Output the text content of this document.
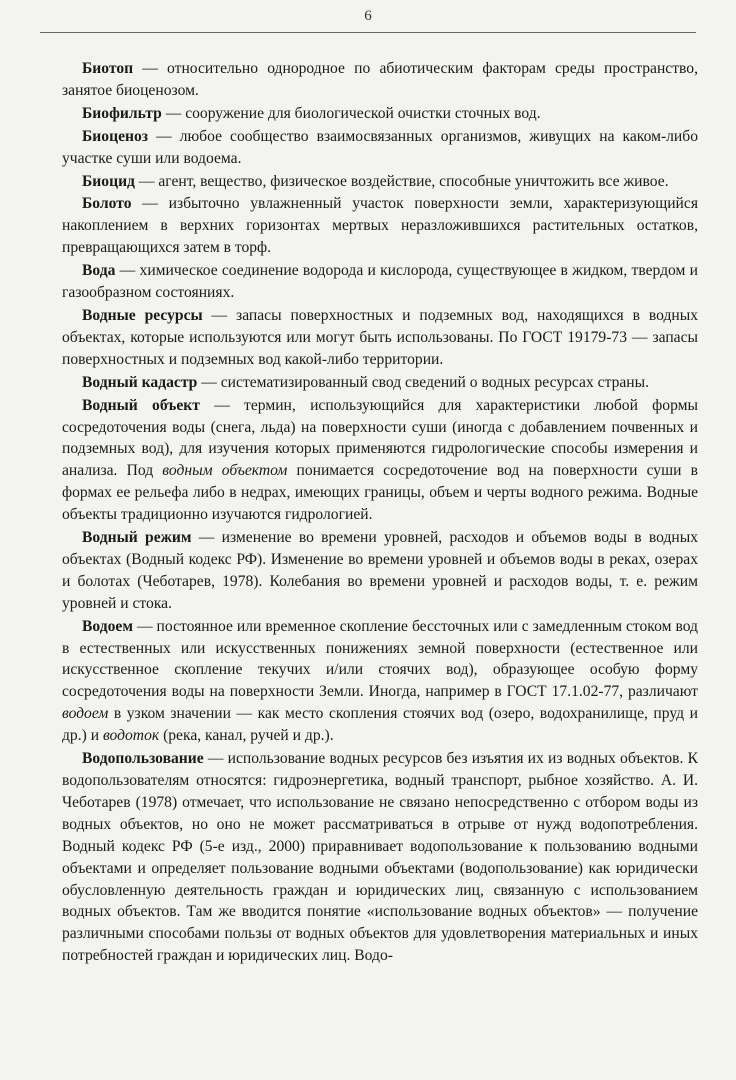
6

Биотоп — относительно однородное по абиотическим факторам среды пространство, занятое биоценозом.

Биофильтр — сооружение для биологической очистки сточных вод.

Биоценоз — любое сообщество взаимосвязанных организмов, живущих на каком-либо участке суши или водоема.

Биоцид — агент, вещество, физическое воздействие, способные уничтожить все живое.

Болото — избыточно увлажненный участок поверхности земли, характеризующийся накоплением в верхних горизонтах мертвых неразложившихся растительных остатков, превращающихся затем в торф.

Вода — химическое соединение водорода и кислорода, существующее в жидком, твердом и газообразном состояниях.

Водные ресурсы — запасы поверхностных и подземных вод, находящихся в водных объектах, которые используются или могут быть использованы. По ГОСТ 19179-73 — запасы поверхностных и подземных вод какой-либо территории.

Водный кадастр — систематизированный свод сведений о водных ресурсах страны.

Водный объект — термин, использующийся для характеристики любой формы сосредоточения воды (снега, льда) на поверхности суши (иногда с добавлением почвенных и подземных вод), для изучения которых применяются гидрологические способы измерения и анализа. Под водным объектом понимается сосредоточение вод на поверхности суши в формах ее рельефа либо в недрах, имеющих границы, объем и черты водного режима. Водные объекты традиционно изучаются гидрологией.

Водный режим — изменение во времени уровней, расходов и объемов воды в водных объектах (Водный кодекс РФ). Изменение во времени уровней и объемов воды в реках, озерах и болотах (Чеботарев, 1978). Колебания во времени уровней и расходов воды, т. е. режим уровней и стока.

Водоем — постоянное или временное скопление бессточных или с замедленным стоком вод в естественных или искусственных понижениях земной поверхности (естественное или искусственное скопление текучих и/или стоячих вод), образующее особую форму сосредоточения воды на поверхности Земли. Иногда, например в ГОСТ 17.1.02-77, различают водоем в узком значении — как место скопления стоячих вод (озеро, водохранилище, пруд и др.) и водоток (река, канал, ручей и др.).

Водопользование — использование водных ресурсов без изъятия их из водных объектов. К водопользователям относятся: гидроэнергетика, водный транспорт, рыбное хозяйство. А. И. Чеботарев (1978) отмечает, что использование не связано непосредственно с отбором воды из водных объектов, но оно не может рассматриваться в отрыве от нужд водопотребления. Водный кодекс РФ (5-е изд., 2000) приравнивает водопользование к пользованию водными объектами и определяет пользование водными объектами (водопользование) как юридически обусловленную деятельность граждан и юридических лиц, связанную с использованием водных объектов. Там же вводится понятие «использование водных объектов» — получение различными способами пользы от водных объектов для удовлетворения материальных и иных потребностей граждан и юридических лиц. Водо-
